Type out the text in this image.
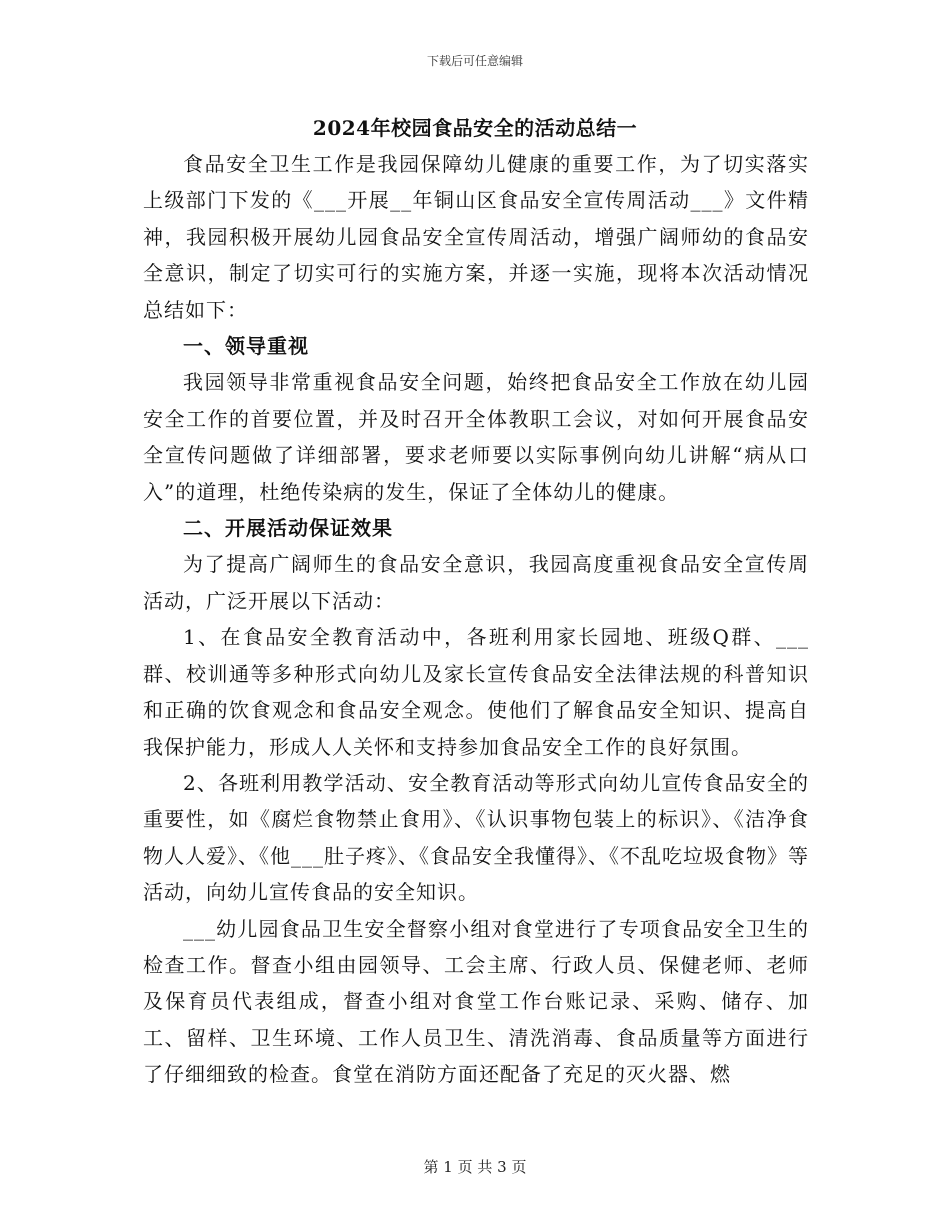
下载后可任意编辑
2024年校园食品安全的活动总结一

食品安全卫生工作是我园保障幼儿健康的重要工作，为了切实落实上级部门下发的《___开展__年铜山区食品安全宣传周活动___》文件精神，我园积极开展幼儿园食品安全宣传周活动，增强广阔师幼的食品安全意识，制定了切实可行的实施方案，并逐一实施，现将本次活动情况总结如下：

一、领导重视

我园领导非常重视食品安全问题，始终把食品安全工作放在幼儿园安全工作的首要位置，并及时召开全体教职工会议，对如何开展食品安全宣传问题做了详细部署，要求老师要以实际事例向幼儿讲解“病从口入”的道理，杜绝传染病的发生，保证了全体幼儿的健康。

二、开展活动保证效果

为了提高广阔师生的食品安全意识，我园高度重视食品安全宣传周活动，广泛开展以下活动：

1、在食品安全教育活动中，各班利用家长园地、班级Q群、___群、校训通等多种形式向幼儿及家长宣传食品安全法律法规的科普知识和正确的饮食观念和食品安全观念。使他们了解食品安全知识、提高自我保护能力，形成人人关怀和支持参加食品安全工作的良好氛围。

2、各班利用教学活动、安全教育活动等形式向幼儿宣传食品安全的重要性，如《腐烂食物禁止食用》、《认识事物包装上的标识》、《洁净食物人人爱》、《他___肚子疼》、《食品安全我懂得》、《不乱吃垃圾食物》等活动，向幼儿宣传食品的安全知识。

___幼儿园食品卫生安全督察小组对食堂进行了专项食品安全卫生的检查工作。督查小组由园领导、工会主席、行政人员、保健老师、老师及保育员代表组成，督查小组对食堂工作台账记录、采购、储存、加工、留样、卫生环境、工作人员卫生、清洗消毒、食品质量等方面进行了仔细细致的检查。食堂在消防方面还配备了充足的灭火器、燃

第 1 页 共 3 页
